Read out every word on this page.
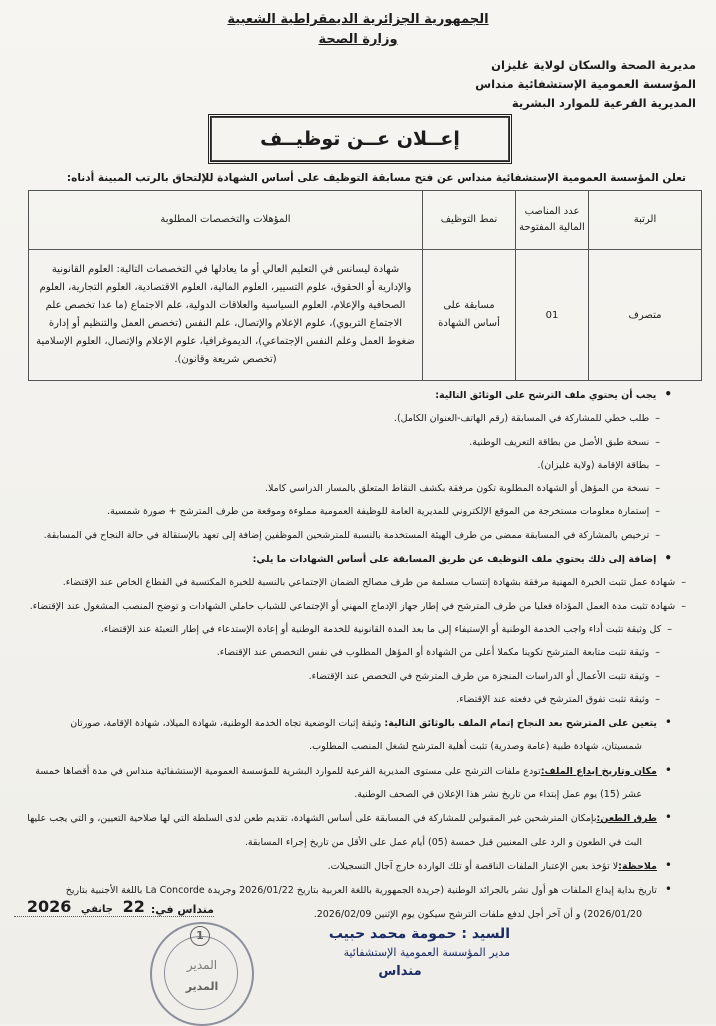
الجمهورية الجزائرية الديمقراطية الشعبية
وزارة الصحة
مديرية الصحة والسكان لولاية غليزان
المؤسسة العمومية الإستشفائية منداس
المديرية الفرعية للموارد البشرية
إعــلان عــن توظيــف
تعلن المؤسسة العمومية الإستشفائية منداس عن فتح مسابقة التوظيف على أساس الشهادة للإلتحاق بالرتب المبينة أدناه:
الرتبة	عدد المناصب المالية المفتوحة	نمط التوظيف	المؤهلات والتخصصات المطلوبة
متصرف	01	مسابقة على أساس الشهادة	شهادة ليسانس في التعليم العالي أو ما يعادلها في التخصصات التالية: العلوم القانونية والإدارية أو الحقوق، علوم التسيير، العلوم المالية، العلوم الاقتصادية، العلوم التجارية، العلوم الصحافية والإعلام، العلوم السياسية والعلاقات الدولية، علم الاجتماع (ما عدا تخصص علم الاجتماع التربوي)، علوم الإعلام والإتصال، علم النفس (تخصص العمل والتنظيم أو إدارة ضغوط العمل وعلم النفس الإجتماعي)، الديموغرافيا، علوم الإعلام والإتصال، العلوم الإسلامية (تخصص شريعة وقانون).
• يجب أن يحتوي ملف الترشح على الوثائق التالية:
– طلب خطي للمشاركة في المسابقة (رقم الهاتف-العنوان الكامل).
– نسخة طبق الأصل من بطاقة التعريف الوطنية.
– بطاقة الإقامة (ولاية غليزان).
– نسخة من المؤهل أو الشهادة المطلوبة تكون مرفقة بكشف النقاط المتعلق بالمسار الدراسي كاملا.
– إستمارة معلومات مستخرجة من الموقع الإلكتروني للمديرية العامة للوظيفة العمومية مملوءة وموقعة من طرف المترشح + صورة شمسية.
– ترخيص بالمشاركة في المسابقة ممضى من طرف الهيئة المستخدمة بالنسبة للمترشحين الموظفين إضافة إلى تعهد بالإستقالة في حالة النجاح في المسابقة.
• إضافة إلى ذلك يحتوي ملف التوظيف عن طريق المسابقة على أساس الشهادات ما يلي:
– شهادة عمل تثبت الخبرة المهنية مرفقة بشهادة إنتساب مسلمة من طرف مصالح الضمان الإجتماعي بالنسبة للخبرة المكتسبة في القطاع الخاص عند الإقتضاء.
– شهادة تثبت مدة العمل المؤداة فعليا من طرف المترشح في إطار جهاز الإدماج المهني أو الإجتماعي للشباب حاملي الشهادات و توضح المنصب المشغول عند الإقتضاء.
– كل وثيقة تثبت أداء واجب الخدمة الوطنية أو الإستيفاء إلى ما بعد المدة القانونية للخدمة الوطنية أو إعادة الإستدعاء في إطار التعبئة عند الإقتضاء.
– وثيقة تثبت متابعة المترشح تكوينا مكملا أعلى من الشهادة أو المؤهل المطلوب في نفس التخصص عند الإقتضاء.
– وثيقة تثبت الأعمال أو الدراسات المنجزة من طرف المترشح في التخصص عند الإقتضاء.
– وثيقة تثبت تفوق المترشح في دفعته عند الإقتضاء.
• يتعين على المترشح بعد النجاح إتمام الملف بالوثائق التالية: وثيقة إثبات الوضعية تجاه الخدمة الوطنية، شهادة الميلاد، شهادة الإقامة، صورتان
شمسيتان، شهادة طبية (عامة وصدرية) تثبت أهلية المترشح لشغل المنصب المطلوب.
• مكان وتاريخ إيداع الملف:تودع ملفات الترشح على مستوى المديرية الفرعية للموارد البشرية للمؤسسة العمومية الإستشفائية منداس في مدة أقصاها خمسة
عشر (15) يوم عمل إبتداء من تاريخ نشر هذا الإعلان في الصحف الوطنية.
• طرق الطعن:بإمكان المترشحين غير المقبولين للمشاركة في المسابقة على أساس الشهادة، تقديم طعن لدى السلطة التي لها صلاحية التعيين، و التي يجب عليها
البث في الطعون و الرد على المعنيين قبل خمسة (05) أيام عمل على الأقل من تاريخ إجراء المسابقة.
• ملاحظة:لا تؤخذ بعين الإعتبار الملفات الناقصة أو تلك الواردة خارج آجال التسجيلات.
• تاريخ بداية إيداع الملفات هو أول نشر بالجرائد الوطنية (جريدة الجمهورية باللغة العربية بتاريخ 2026/01/22 وجريدة La Concorde باللغة الأجنبية بتاريخ
2026/01/20) و أن آخر أجل لدفع ملفات الترشح سيكون يوم الإثنين 2026/02/09.
منداس في:
22 جانفي 2026
1
المدير
المدير
السيد : حمومة محمد حبيب
مدير المؤسسة العمومية الإستشفائية
منداس
